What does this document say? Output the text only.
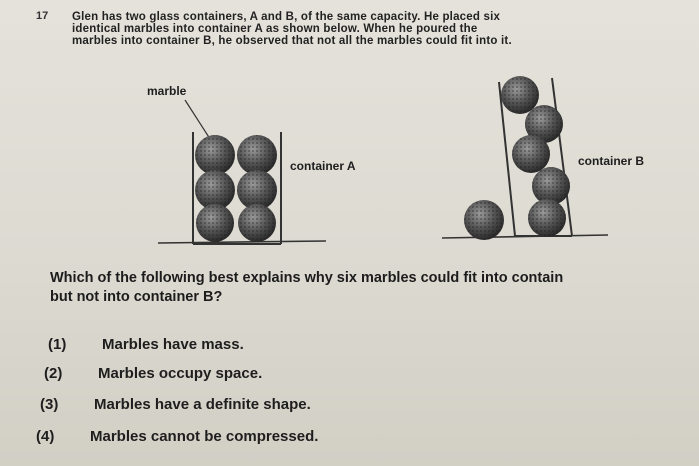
17 Glen has two glass containers, A and B, of the same capacity. He placed six
identical marbles into container A as shown below. When he poured the
marbles into container B, he observed that not all the marbles could fit into it.
marble
container A	container B
Which of the following best explains why six marbles could fit into contain
but not into container B?
(1) Marbles have mass.
(2) Marbles occupy space.
(3) Marbles have a definite shape.
(4) Marbles cannot be compressed.
